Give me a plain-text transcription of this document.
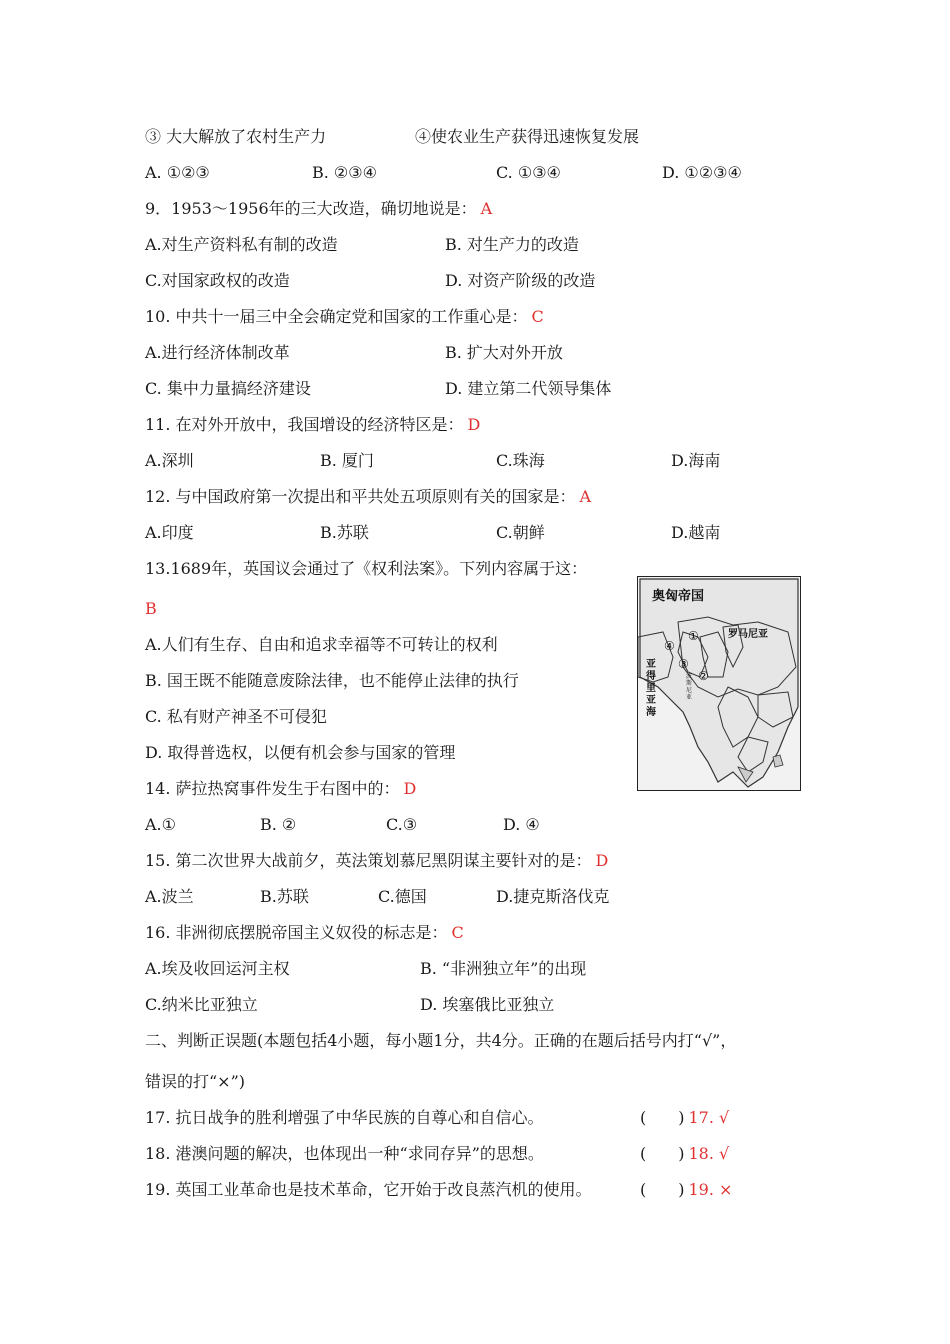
③ 大大解放了农村生产力	④使农业生产获得迅速恢复发展
A. ①②③	B. ②③④	C. ①③④	D. ①②③④
9．1953～1956年的三大改造，确切地说是： A
A.对生产资料私有制的改造	B. 对生产力的改造
C.对国家政权的改造	D. 对资产阶级的改造
10. 中共十一届三中全会确定党和国家的工作重心是： C
A.进行经济体制改革	B. 扩大对外开放
C. 集中力量搞经济建设	D. 建立第二代领导集体
11. 在对外开放中，我国增设的经济特区是： D
A.深圳	B. 厦门	C.珠海	D.海南
12. 与中国政府第一次提出和平共处五项原则有关的国家是： A
A.印度	B.苏联	C.朝鲜	D.越南
13.1689年，英国议会通过了《权利法案》。下列内容属于这：
B
A.人们有生存、自由和追求幸福等不可转让的权利
B. 国王既不能随意废除法律，也不能停止法律的执行
C. 私有财产神圣不可侵犯
D. 取得普选权，以便有机会参与国家的管理
14. 萨拉热窝事件发生于右图中的： D
A.①	B. ②	C.③	D. ④
15. 第二次世界大战前夕，英法策划慕尼黑阴谋主要针对的是： D
A.波兰	B.苏联	C.德国	D.捷克斯洛伐克
16. 非洲彻底摆脱帝国主义奴役的标志是： C
A.埃及收回运河主权	B. “非洲独立年”的出现
C.纳米比亚独立	D. 埃塞俄比亚独立
二、判断正误题(本题包括4小题，每小题1分，共4分。正确的在题后括号内打“√”，
错误的打“×”)
17. 抗日战争的胜利增强了中华民族的自尊心和自信心。	(　　) 17. √
18. 港澳问题的解决，也体现出一种“求同存异”的思想。	(　　) 18. √
19. 英国工业革命也是技术革命，它开始于改良蒸汽机的使用。	(　　) 19. ×
奥匈帝国
罗马尼亚
①
②
③
④
亚得里亚海
波斯尼亚
